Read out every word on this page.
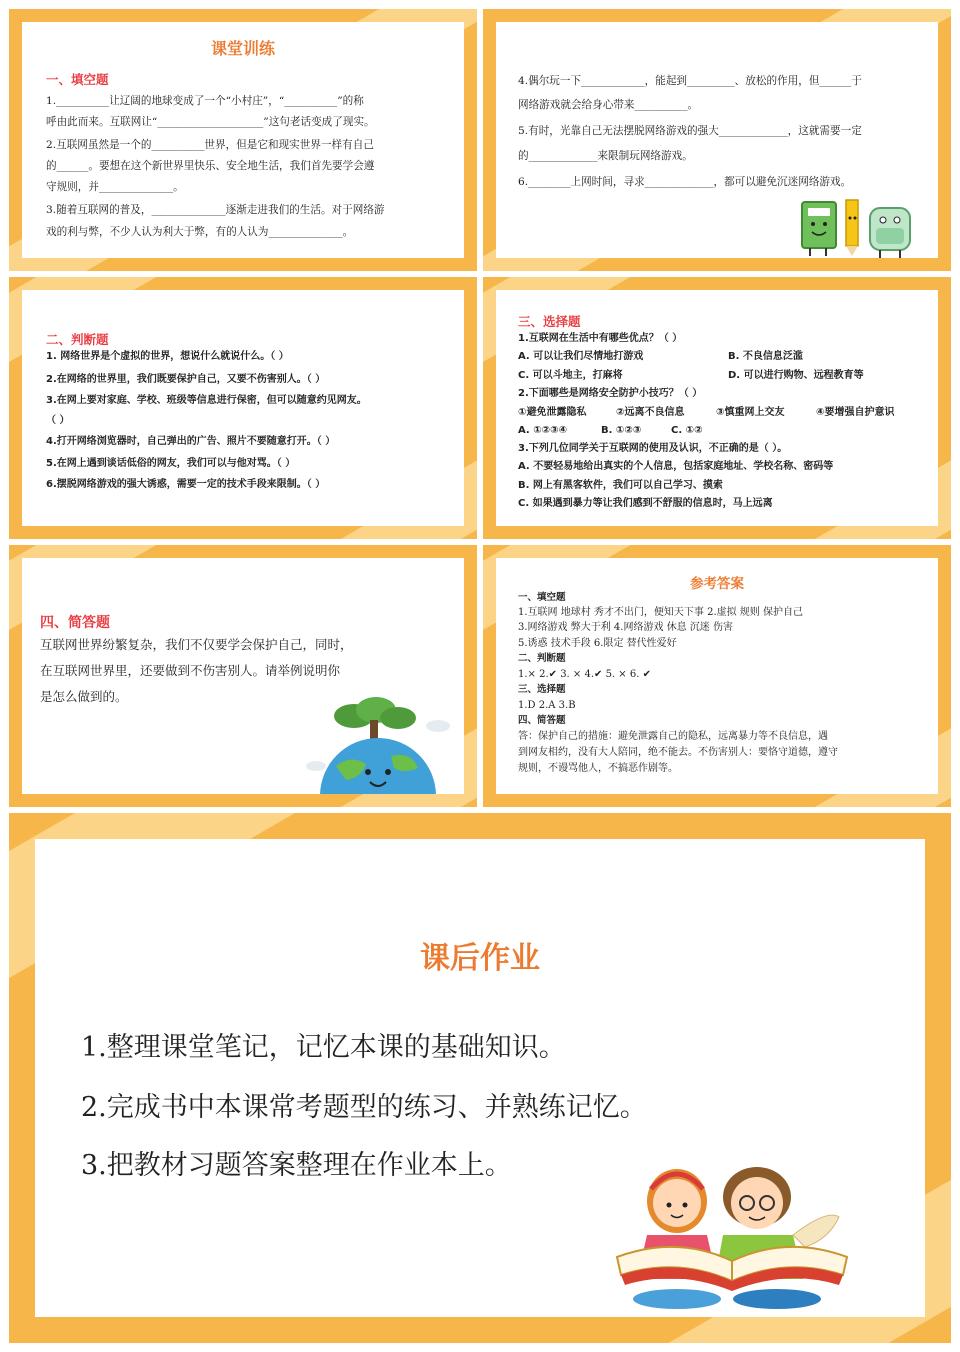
课堂训练
一、填空题
1.__________让辽阔的地球变成了一个“小村庄”，“__________”的称
呼由此而来。互联网让“____________________”这句老话变成了现实。
2.互联网虽然是一个的__________世界，但是它和现实世界一样有自己
的______。要想在这个新世界里快乐、安全地生活，我们首先要学会遵
守规则，并______________。
3.随着互联网的普及，______________逐渐走进我们的生活。对于网络游
戏的利与弊，不少人认为利大于弊，有的人认为______________。
4.偶尔玩一下____________，能起到_________、放松的作用，但______于
网络游戏就会给身心带来__________。
5.有时，光靠自己无法摆脱网络游戏的强大_____________，这就需要一定
的_____________来限制玩网络游戏。
6.________上网时间，寻求_____________，都可以避免沉迷网络游戏。
二、判断题
1. 网络世界是个虚拟的世界，想说什么就说什么。（ ）
2.在网络的世界里，我们既要保护自己，又要不伤害别人。（ ）
3.在网上要对家庭、学校、班级等信息进行保密，但可以随意约见网友。
（ ）
4.打开网络浏览器时，自己弹出的广告、照片不要随意打开。（ ）
5.在网上遇到谈话低俗的网友，我们可以与他对骂。（ ）
6.摆脱网络游戏的强大诱惑，需要一定的技术手段来限制。（ ）
三、选择题
1.互联网在生活中有哪些优点？（ ）
A. 可以让我们尽情地打游戏	B. 不良信息泛滥
C. 可以斗地主，打麻将	D. 可以进行购物、远程教育等
2.下面哪些是网络安全防护小技巧？（ ）
①避免泄露隐私	②远离不良信息	③慎重网上交友	④要增强自护意识
A. ①②③④	B. ①②③	C. ①②
3.下列几位同学关于互联网的使用及认识，不正确的是（ ）。
A. 不要轻易地给出真实的个人信息，包括家庭地址、学校名称、密码等
B. 网上有黑客软件，我们可以自己学习、摸索
C. 如果遇到暴力等让我们感到不舒服的信息时，马上远离
四、简答题
互联网世界纷繁复杂，我们不仅要学会保护自己，同时，
在互联网世界里，还要做到不伤害别人。请举例说明你
是怎么做到的。
参考答案
一、填空题
1.互联网 地球村 秀才不出门，便知天下事 2.虚拟 规则 保护自己
3.网络游戏 弊大于利 4.网络游戏 休息 沉迷 伤害
5.诱惑 技术手段 6.限定 替代性爱好
二、判断题
1.× 2.✔ 3. × 4.✔ 5. × 6. ✔
三、选择题
1.D 2.A 3.B
四、简答题
答：保护自己的措施：避免泄露自己的隐私，远离暴力等不良信息，遇
到网友相约，没有大人陪同，绝不能去。不伤害别人：要恪守道德，遵守
规则，不谩骂他人，不搞恶作剧等。
课后作业
1.整理课堂笔记，记忆本课的基础知识。
2.完成书中本课常考题型的练习、并熟练记忆。
3.把教材习题答案整理在作业本上。
